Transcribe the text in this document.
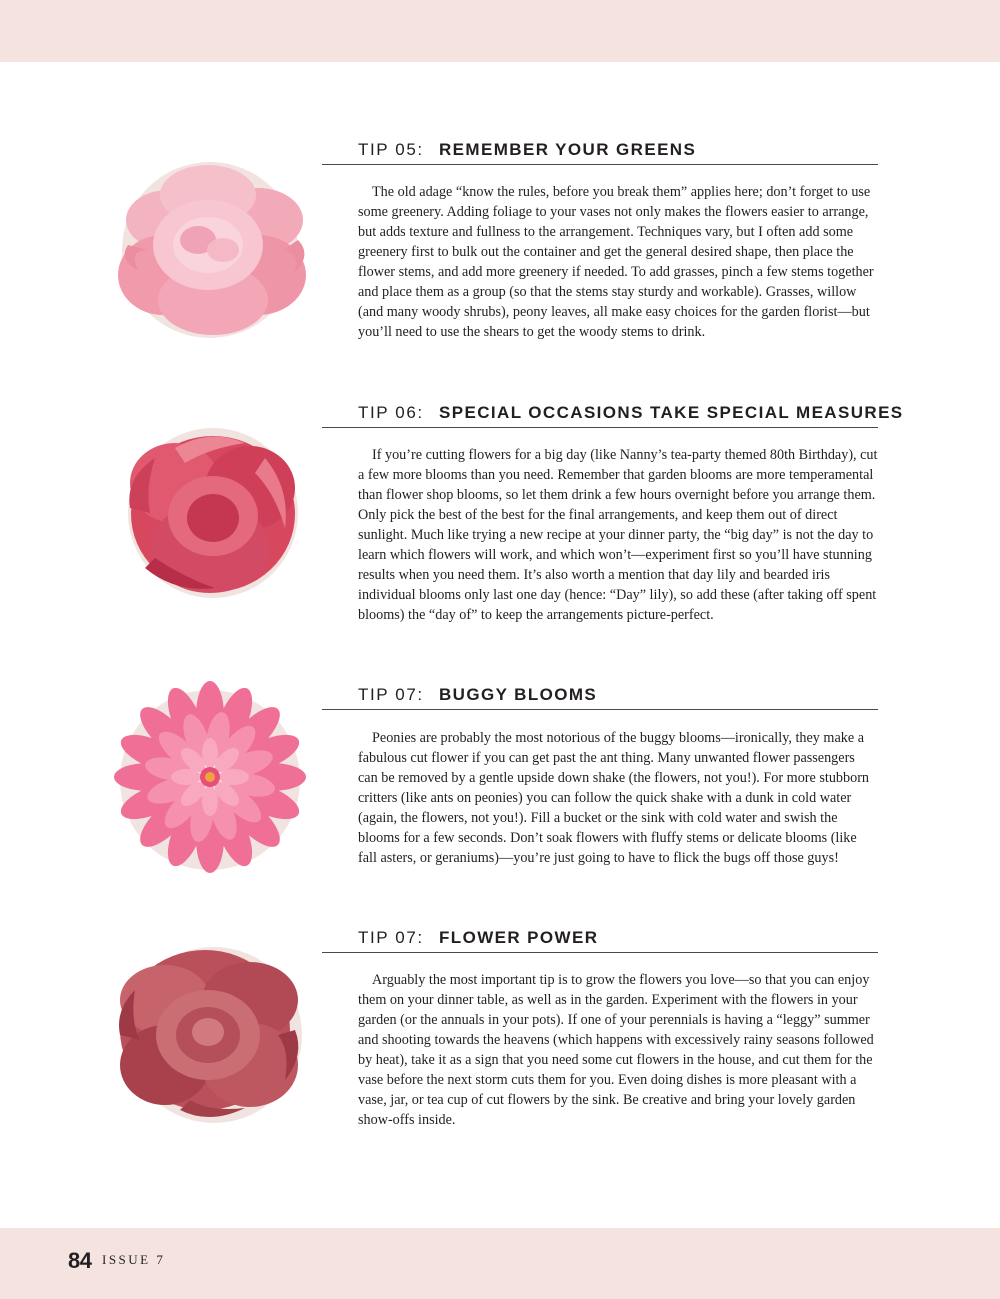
TIP 05: REMEMBER YOUR GREENS

The old adage “know the rules, before you break them” applies here; don’t forget to use some greenery. Adding foliage to your vases not only makes the flowers easier to arrange, but adds texture and fullness to the arrangement. Techniques vary, but I often add some greenery first to bulk out the container and get the general desired shape, then place the flower stems, and add more greenery if needed. To add grasses, pinch a few stems together and place them as a group (so that the stems stay sturdy and workable). Grasses, willow (and many woody shrubs), peony leaves, all make easy choices for the garden florist—but you’ll need to use the shears to get the woody stems to drink.

TIP 06: SPECIAL OCCASIONS TAKE SPECIAL MEASURES

If you’re cutting flowers for a big day (like Nanny’s tea-party themed 80th Birthday), cut a few more blooms than you need. Remember that garden blooms are more temperamental than flower shop blooms, so let them drink a few hours overnight before you arrange them. Only pick the best of the best for the final arrangements, and keep them out of direct sunlight. Much like trying a new recipe at your dinner party, the “big day” is not the day to learn which flowers will work, and which won’t—experiment first so you’ll have stunning results when you need them. It’s also worth a mention that day lily and bearded iris individual blooms only last one day (hence: “Day” lily), so add these (after taking off spent blooms) the “day of” to keep the arrangements picture-perfect.

TIP 07: BUGGY BLOOMS

Peonies are probably the most notorious of the buggy blooms—ironically, they make a fabulous cut flower if you can get past the ant thing. Many unwanted flower passengers can be removed by a gentle upside down shake (the flowers, not you!). For more stubborn critters (like ants on peonies) you can follow the quick shake with a dunk in cold water (again, the flowers, not you!). Fill a bucket or the sink with cold water and swish the blooms for a few seconds. Don’t soak flowers with fluffy stems or delicate blooms (like fall asters, or geraniums)—you’re just going to have to flick the bugs off those guys!

TIP 07: FLOWER POWER

Arguably the most important tip is to grow the flowers you love—so that you can enjoy them on your dinner table, as well as in the garden. Experiment with the flowers in your garden (or the annuals in your pots). If one of your perennials is having a “leggy” summer and shooting towards the heavens (which happens with excessively rainy seasons followed by heat), take it as a sign that you need some cut flowers in the house, and cut them for the vase before the next storm cuts them for you. Even doing dishes is more pleasant with a vase, jar, or tea cup of cut flowers by the sink. Be creative and bring your lovely garden show-offs inside.

84 ISSUE 7
